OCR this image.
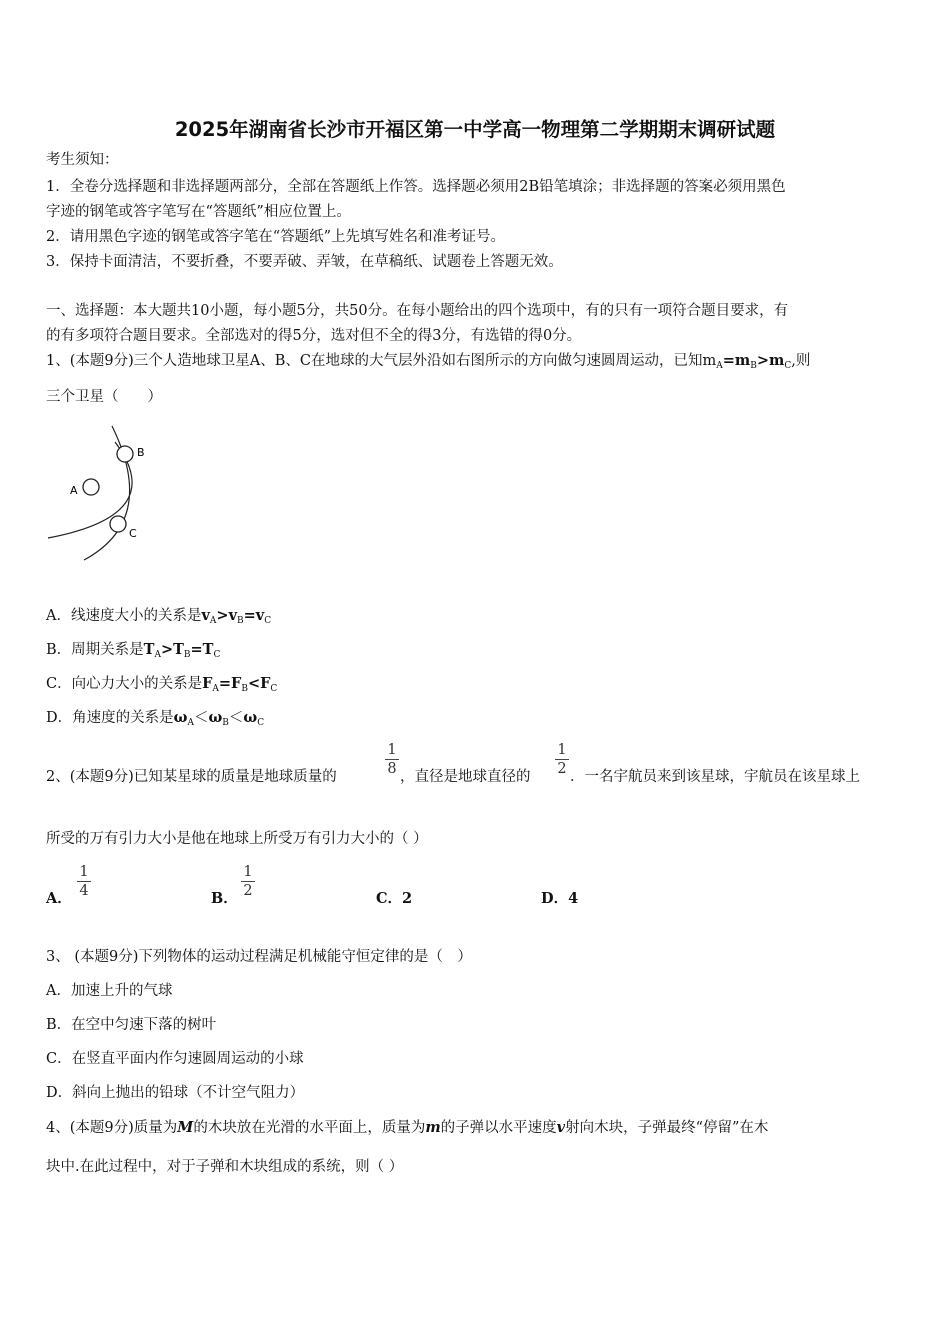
2025年湖南省长沙市开福区第一中学高一物理第二学期期末调研试题
考生须知：
1．全卷分选择题和非选择题两部分，全部在答题纸上作答。选择题必须用2B铅笔填涂；非选择题的答案必须用黑色
字迹的钢笔或答字笔写在“答题纸”相应位置上。
2．请用黑色字迹的钢笔或答字笔在“答题纸”上先填写姓名和准考证号。
3．保持卡面清洁，不要折叠，不要弄破、弄皱，在草稿纸、试题卷上答题无效。
一、选择题：本大题共10小题，每小题5分，共50分。在每小题给出的四个选项中，有的只有一项符合题目要求，有
的有多项符合题目要求。全部选对的得5分，选对但不全的得3分，有选错的得0分。
1、(本题9分)三个人造地球卫星A、B、C在地球的大气层外沿如右图所示的方向做匀速圆周运动，已知$m_A=m_B>m_C$,则
三个卫星（　　）
A
B
C
A．线速度大小的关系是$v_A>v_B=v_C$
B．周期关系是$T_A>T_B=T_C$
C．向心力大小的关系是$F_A=F_B<F_C$
D．角速度的关系是$\omega_A<\omega_B<\omega_C$
2、(本题9分)已知某星球的质量是地球质量的
1
8 ，直径是地球直径的
1
2 ．一名宇航员来到该星球，宇航员在该星球上
所受的万有引力大小是他在地球上所受万有引力大小的（ ）
A．
1
4	B．
1
2	C．2	D．4
3、 (本题9分)下列物体的运动过程满足机械能守恒定律的是（　）
A．加速上升的气球
B．在空中匀速下落的树叶
C．在竖直平面内作匀速圆周运动的小球
D．斜向上抛出的铅球（不计空气阻力）
4、(本题9分)质量为M的木块放在光滑的水平面上，质量为m的子弹以水平速度v射向木块，子弹最终“停留”在木
块中.在此过程中，对于子弹和木块组成的系统，则（ ）
